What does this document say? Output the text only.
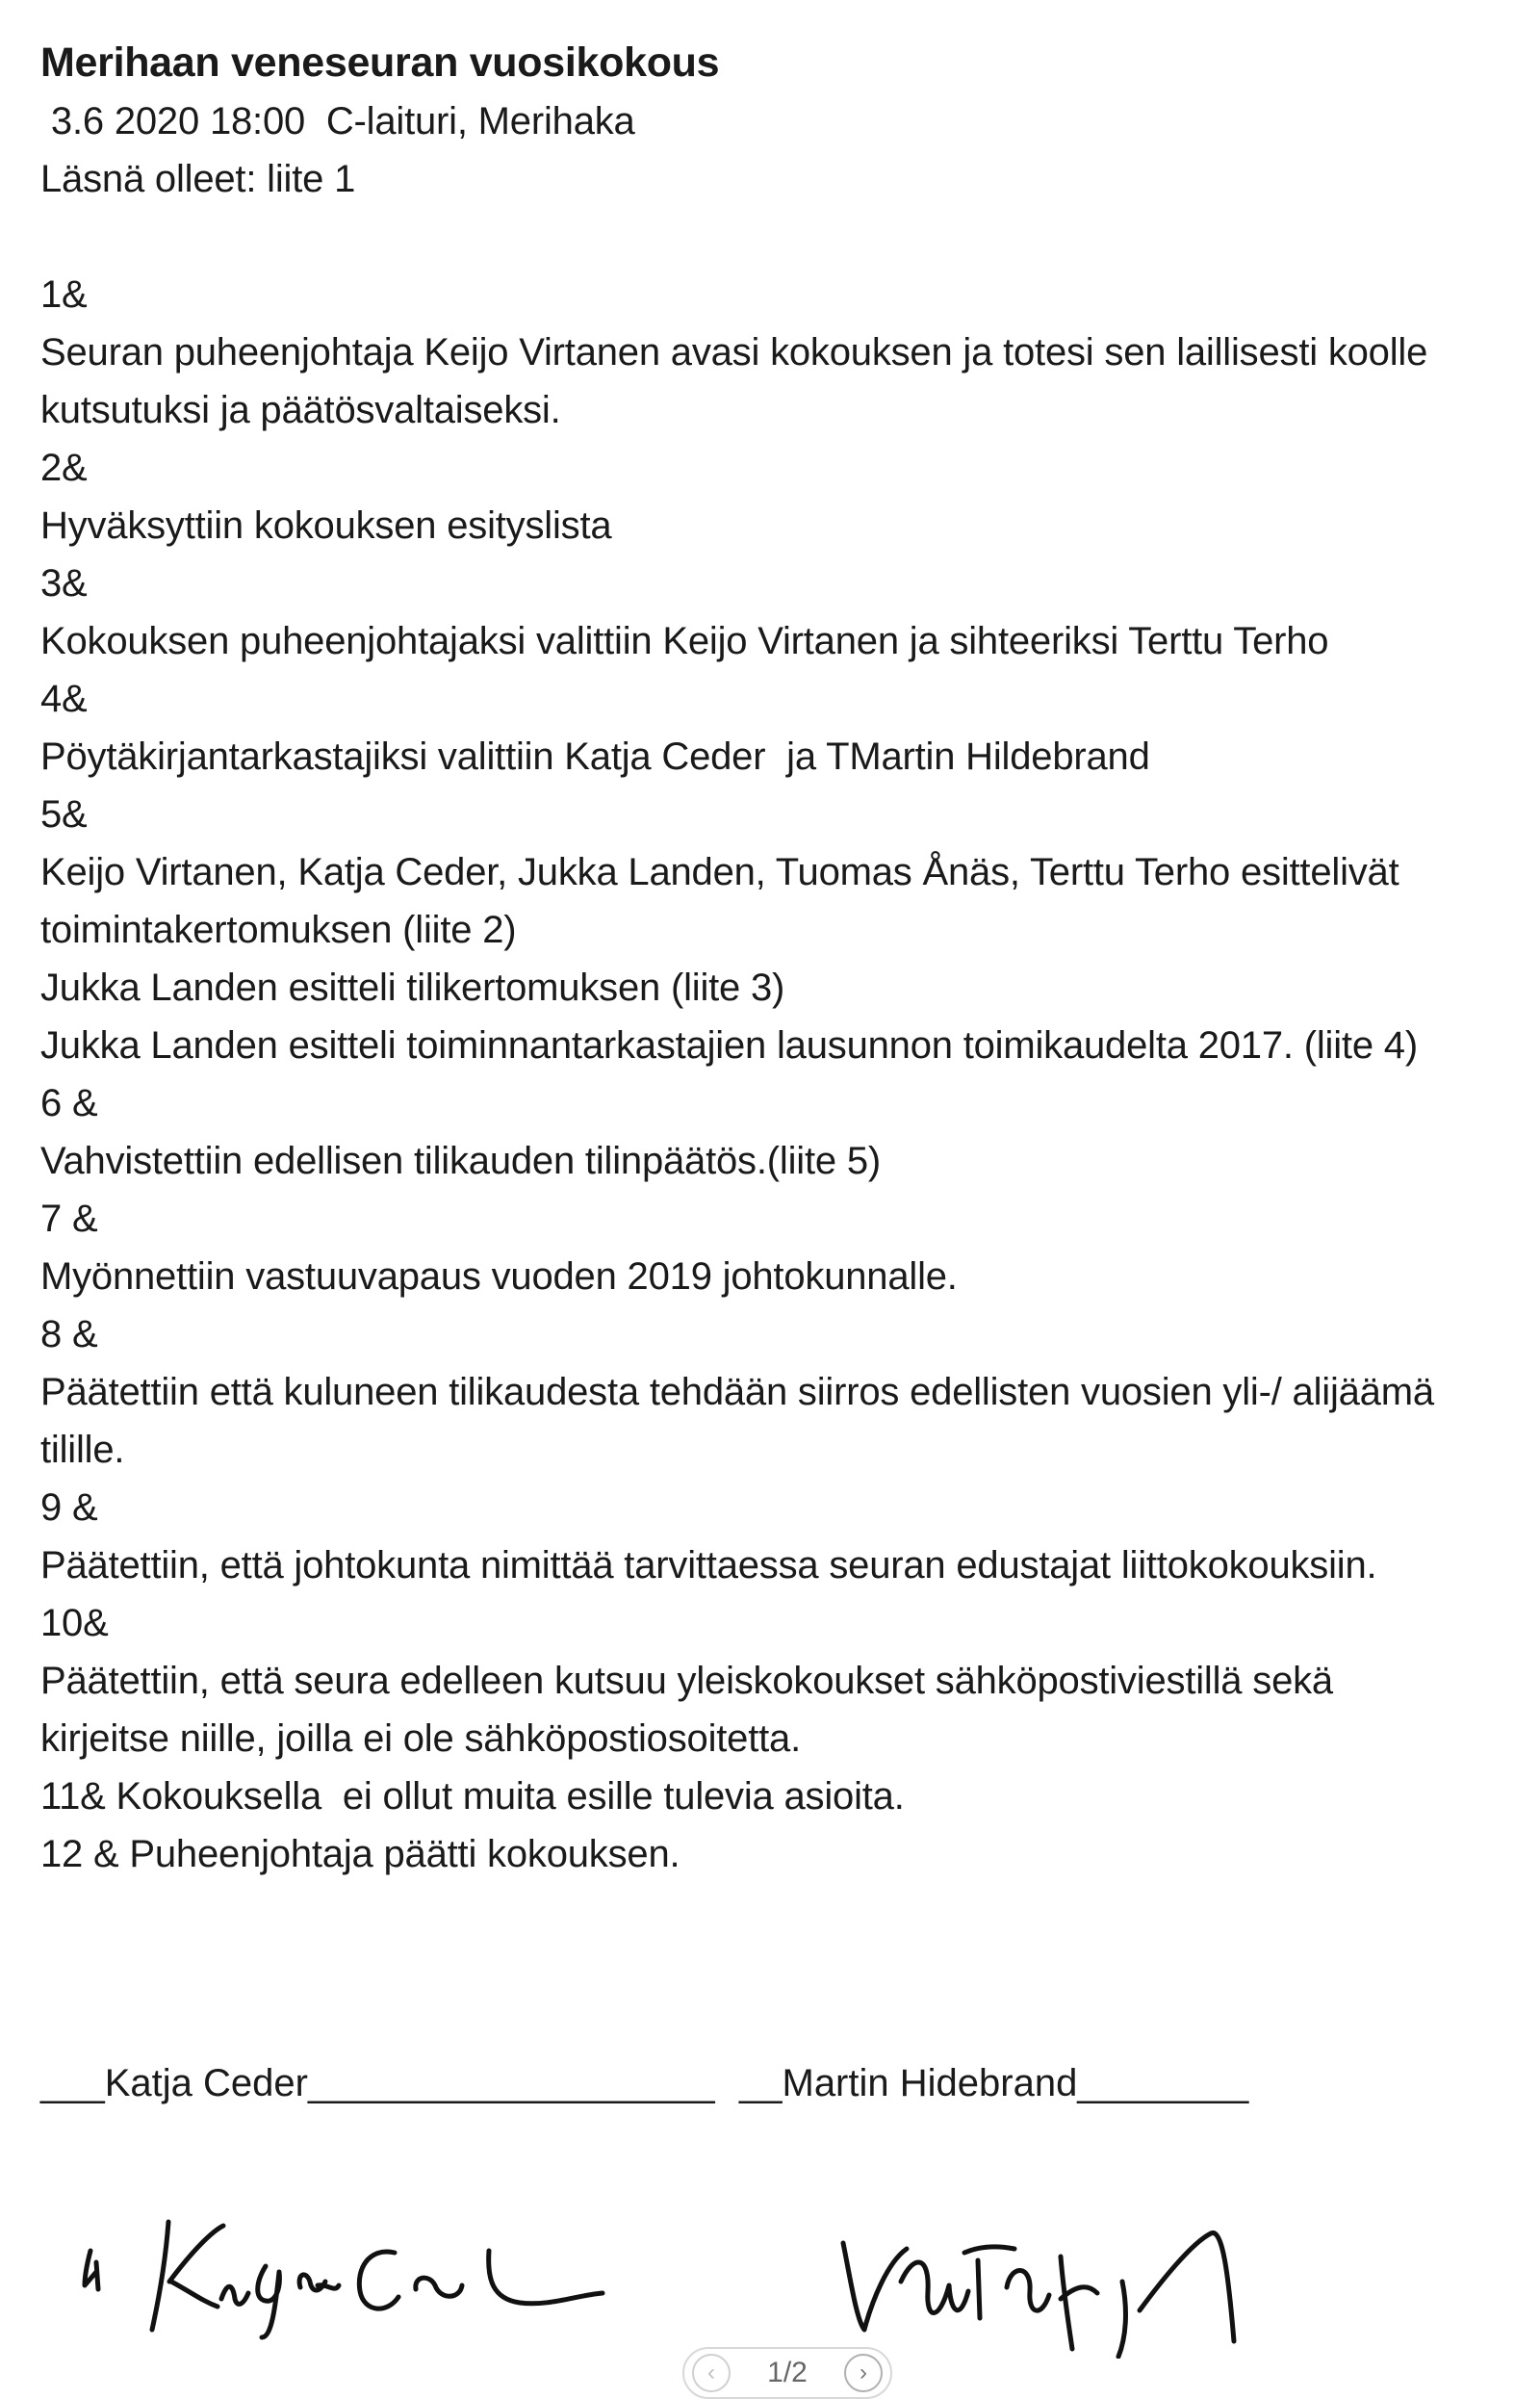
Merihaan veneseuran vuosikokous

3.6 2020 18:00  C-laituri, Merihaka

Läsnä olleet: liite 1

1&

Seuran puheenjohtaja Keijo Virtanen avasi kokouksen ja totesi sen laillisesti koolle

kutsutuksi ja päätösvaltaiseksi.

2&

Hyväksyttiin kokouksen esityslista

3&

Kokouksen puheenjohtajaksi valittiin Keijo Virtanen ja sihteeriksi Terttu Terho

4&

Pöytäkirjantarkastajiksi valittiin Katja Ceder  ja TMartin Hildebrand

5&

Keijo Virtanen, Katja Ceder, Jukka Landen, Tuomas Ånäs, Terttu Terho esittelivät

toimintakertomuksen (liite 2)

Jukka Landen esitteli tilikertomuksen (liite 3)

Jukka Landen esitteli toiminnantarkastajien lausunnon toimikaudelta 2017. (liite 4)

6 &

Vahvistettiin edellisen tilikauden tilinpäätös.(liite 5)

7 &

Myönnettiin vastuuvapaus vuoden 2019 johtokunnalle.

8 &

Päätettiin että kuluneen tilikaudesta tehdään siirros edellisten vuosien yli-/ alijäämä

tilille.

9 &

Päätettiin, että johtokunta nimittää tarvittaessa seuran edustajat liittokokouksiin.

10&

Päätettiin, että seura edelleen kutsuu yleiskokoukset sähköpostiviestillä sekä

kirjeitse niille, joilla ei ole sähköpostiosoitetta.

11& Kokouksella  ei ollut muita esille tulevia asioita.

12 & Puheenjohtaja päätti kokouksen.

___Katja Ceder___________________ __Martin Hidebrand________
‹ 1/2 ›
